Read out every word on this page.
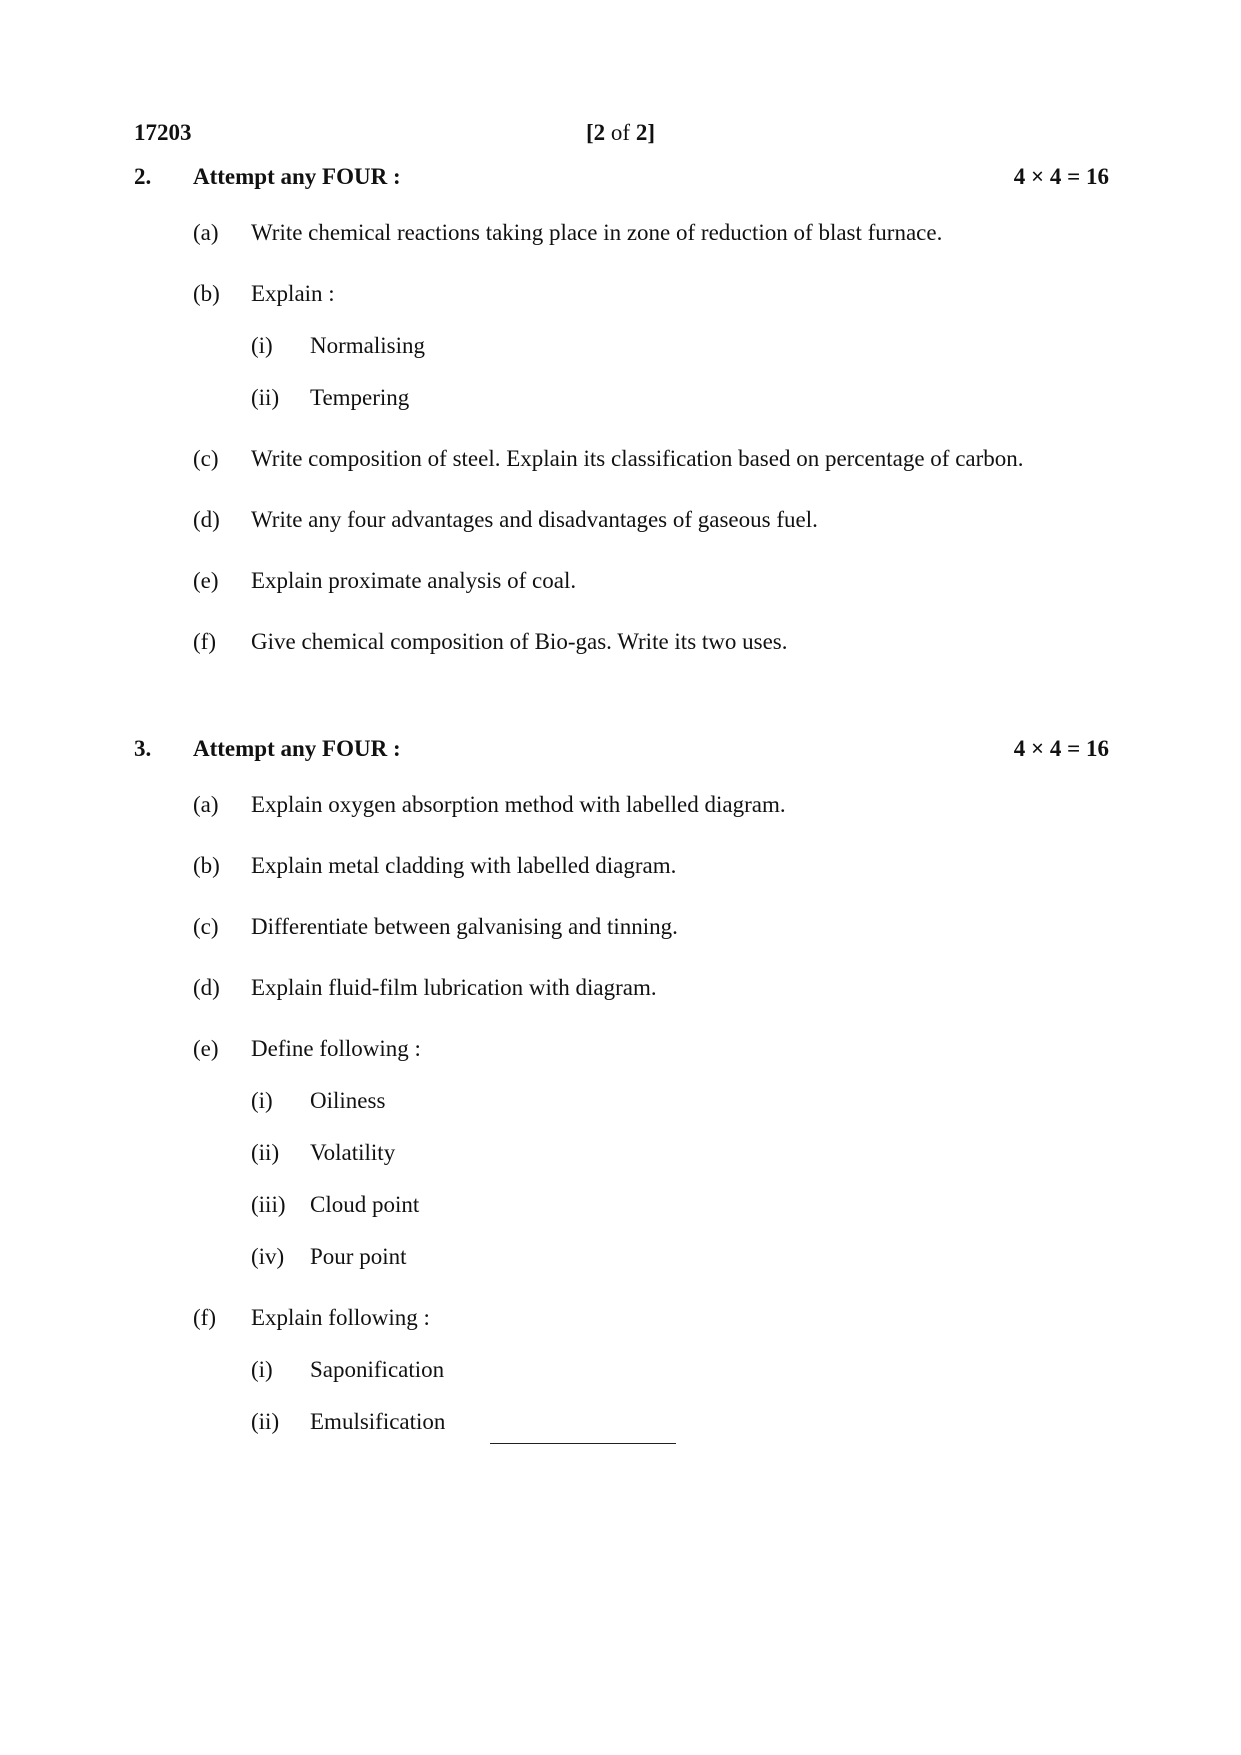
17203	[2 of 2]
2. Attempt any FOUR :	4 × 4 = 16
(a) Write chemical reactions taking place in zone of reduction of blast furnace.
(b) Explain :
(i) Normalising
(ii) Tempering
(c) Write composition of steel. Explain its classification based on percentage of carbon.
(d) Write any four advantages and disadvantages of gaseous fuel.
(e) Explain proximate analysis of coal.
(f) Give chemical composition of Bio-gas. Write its two uses.
3. Attempt any FOUR :	4 × 4 = 16
(a) Explain oxygen absorption method with labelled diagram.
(b) Explain metal cladding with labelled diagram.
(c) Differentiate between galvanising and tinning.
(d) Explain fluid-film lubrication with diagram.
(e) Define following :
(i) Oiliness
(ii) Volatility
(iii) Cloud point
(iv) Pour point
(f) Explain following :
(i) Saponification
(ii) Emulsification
